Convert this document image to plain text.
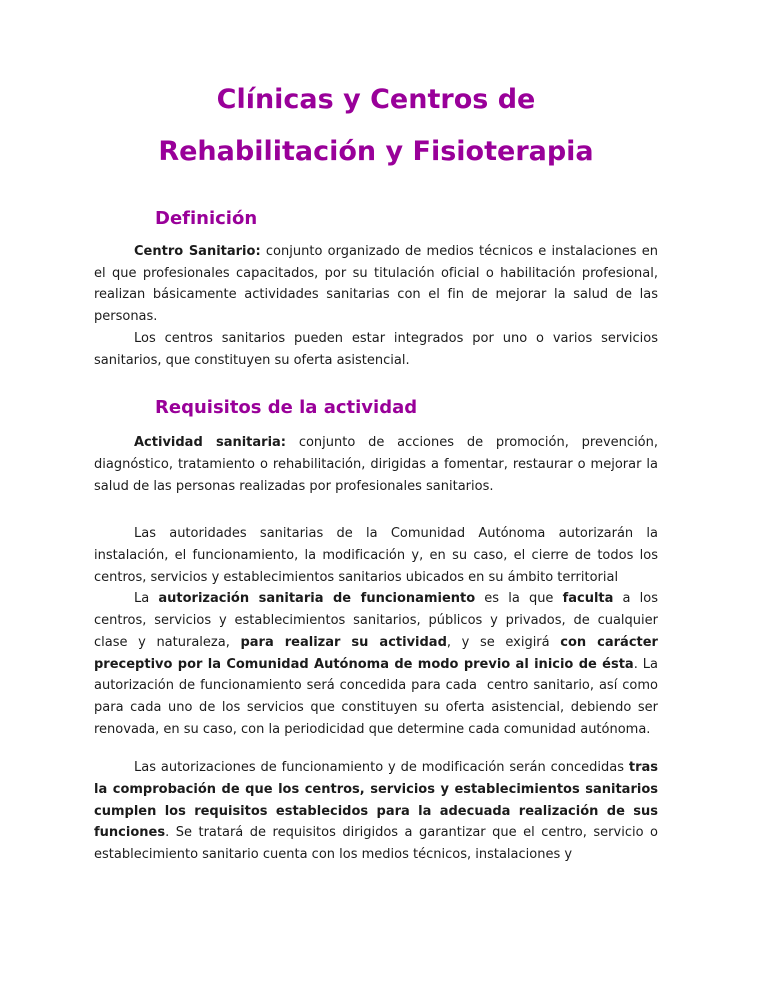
Clínicas y Centros de
Rehabilitación y Fisioterapia
Definición

Centro Sanitario: conjunto organizado de medios técnicos e instalaciones en el que profesionales capacitados, por su titulación oficial o habilitación profesional, realizan básicamente actividades sanitarias con el fin de mejorar la salud de las personas.

Los centros sanitarios pueden estar integrados por uno o varios servicios sanitarios, que constituyen su oferta asistencial.

Requisitos de la actividad

Actividad sanitaria: conjunto de acciones de promoción, prevención, diagnóstico, tratamiento o rehabilitación, dirigidas a fomentar, restaurar o mejorar la salud de las personas realizadas por profesionales sanitarios.

Las autoridades sanitarias de la Comunidad Autónoma autorizarán la instalación, el funcionamiento, la modificación y, en su caso, el cierre de todos los centros, servicios y establecimientos sanitarios ubicados en su ámbito territorial

La autorización sanitaria de funcionamiento es la que faculta a los centros, servicios y establecimientos sanitarios, públicos y privados, de cualquier clase y naturaleza, para realizar su actividad, y se exigirá con carácter preceptivo por la Comunidad Autónoma de modo previo al inicio de ésta. La autorización de funcionamiento será concedida para cada  centro sanitario, así como para cada uno de los servicios que constituyen su oferta asistencial, debiendo ser renovada, en su caso, con la periodicidad que determine cada comunidad autónoma.

Las autorizaciones de funcionamiento y de modificación serán concedidas tras la comprobación de que los centros, servicios y establecimientos sanitarios cumplen los requisitos establecidos para la adecuada realización de sus funciones. Se tratará de requisitos dirigidos a garantizar que el centro, servicio o establecimiento sanitario cuenta con los medios técnicos, instalaciones y
